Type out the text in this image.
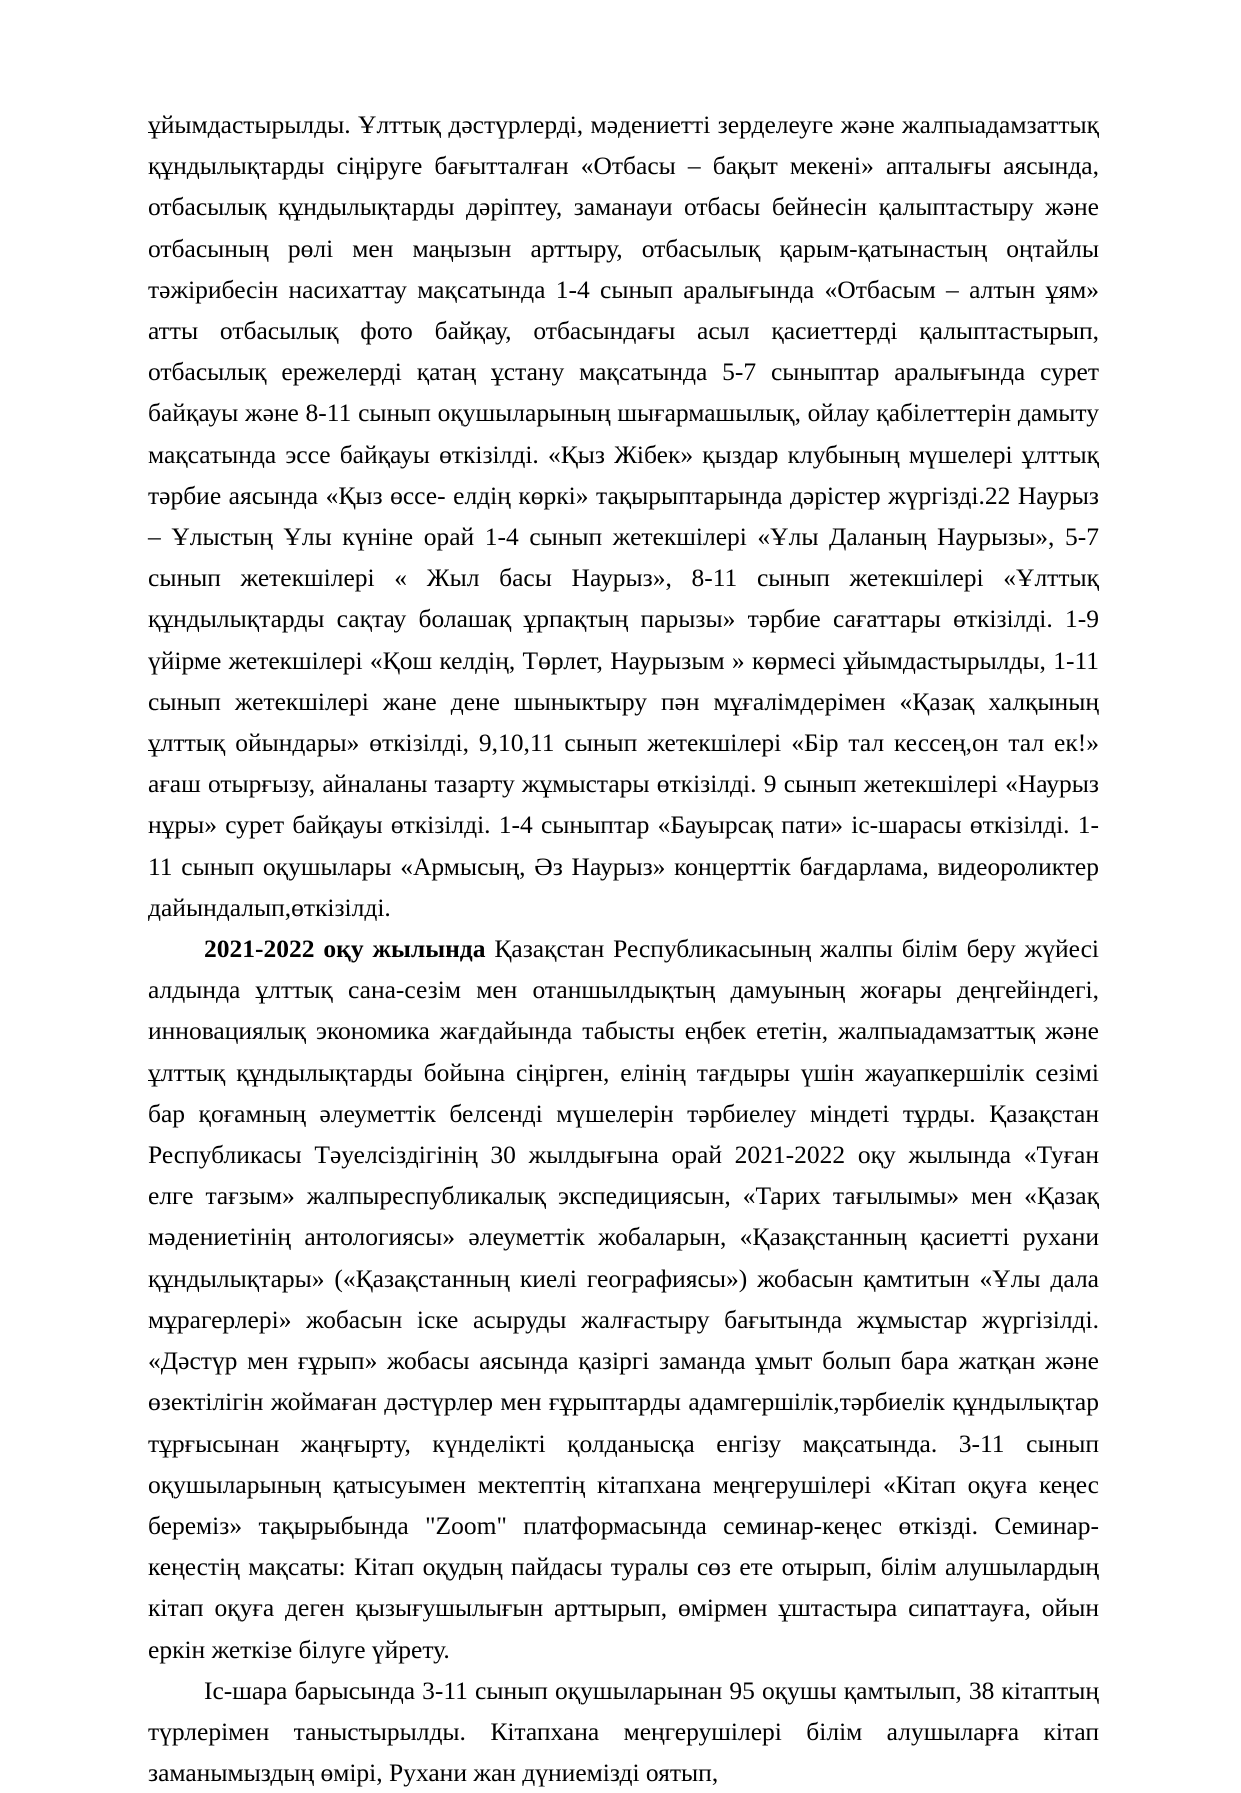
ұйымдастырылды. Ұлттық дәстүрлерді, мәдениетті зерделеуге және жалпыадамзаттық құндылықтарды сіңіруге бағытталған «Отбасы – бақыт мекені» апталығы аясында, отбасылық құндылықтарды дәріптеу, заманауи отбасы бейнесін қалыптастыру және отбасының рөлі мен маңызын арттыру, отбасылық қарым-қатынастың оңтайлы тәжірибесін насихаттау мақсатында 1-4 сынып аралығында «Отбасым – алтын ұям» атты отбасылық фото байқау, отбасындағы асыл қасиеттерді қалыптастырып, отбасылық ережелерді қатаң ұстану мақсатында 5-7 сыныптар аралығында сурет байқауы және 8-11 сынып оқушыларының шығармашылық, ойлау қабілеттерін дамыту мақсатында эссе байқауы өткізілді. «Қыз Жібек» қыздар клубының мүшелері ұлттық тәрбие аясында «Қыз өссе- елдің көркі» тақырыптарында дәрістер жүргізді.22 Наурыз – Ұлыстың Ұлы күніне орай 1-4 сынып жетекшілері «Ұлы Даланың Наурызы», 5-7 сынып жетекшілері « Жыл басы Наурыз», 8-11 сынып жетекшілері «Ұлттық құндылықтарды сақтау болашақ ұрпақтың парызы» тәрбие сағаттары өткізілді. 1-9 үйірме жетекшілері «Қош келдің, Төрлет, Наурызым » көрмесі ұйымдастырылды, 1-11 сынып жетекшілері жане дене шыныктыру пән мұғалімдерімен «Қазақ халқының ұлттық ойындары» өткізілді, 9,10,11 сынып жетекшілері «Бір тал кессең,он тал ек!» ағаш отырғызу, айналаны тазарту жұмыстары өткізілді. 9 сынып жетекшілері «Наурыз нұры» сурет байқауы өткізілді. 1-4 сыныптар «Бауырсақ пати» іс-шарасы өткізілді. 1-11 сынып оқушылары «Армысың, Әз Наурыз» концерттік бағдарлама, видеороликтер дайындалып,өткізілді.

2021-2022 оқу жылында Қазақстан Республикасының жалпы білім беру жүйесі алдында ұлттық сана-сезім мен отаншылдықтың дамуының жоғары деңгейіндегі, инновациялық экономика жағдайында табысты еңбек ететін, жалпыадамзаттық және ұлттық құндылықтарды бойына сіңірген, елінің тағдыры үшін жауапкершілік сезімі бар қоғамның әлеуметтік белсенді мүшелерін тәрбиелеу міндеті тұрды. Қазақстан Республикасы Тәуелсіздігінің 30 жылдығына орай 2021-2022 оқу жылында «Туған елге тағзым» жалпыреспубликалық экспедициясын, «Тарих тағылымы» мен «Қазақ мәдениетінің антологиясы» әлеуметтік жобаларын, «Қазақстанның қасиетті рухани құндылықтары» («Қазақстанның киелі географиясы») жобасын қамтитын «Ұлы дала мұрагерлері» жобасын іске асыруды жалғастыру бағытында жұмыстар жүргізілді. «Дәстүр мен ғұрып» жобасы аясында қазіргі заманда ұмыт болып бара жатқан және өзектілігін жоймаған дәстүрлер мен ғұрыптарды адамгершілік,тәрбиелік құндылықтар тұрғысынан жаңғырту, күнделікті қолданысқа енгізу мақсатында. 3-11 сынып оқушыларының қатысуымен мектептің кітапхана меңгерушілері «Кітап оқуға кеңес береміз» тақырыбында "Zoom" платформасында семинар-кеңес өткізді. Семинар-кеңестің мақсаты: Кітап оқудың пайдасы туралы сөз ете отырып, білім алушылардың кітап оқуға деген қызығушылығын арттырып, өмірмен ұштастыра сипаттауға, ойын еркін жеткізе білуге үйрету.

Іс-шара барысында 3-11 сынып оқушыларынан 95 оқушы қамтылып, 38 кітаптың түрлерімен таныстырылды. Кітапхана меңгерушілері білім алушыларға кітап заманымыздың өмірі, Рухани жан дүниемізді оятып,
